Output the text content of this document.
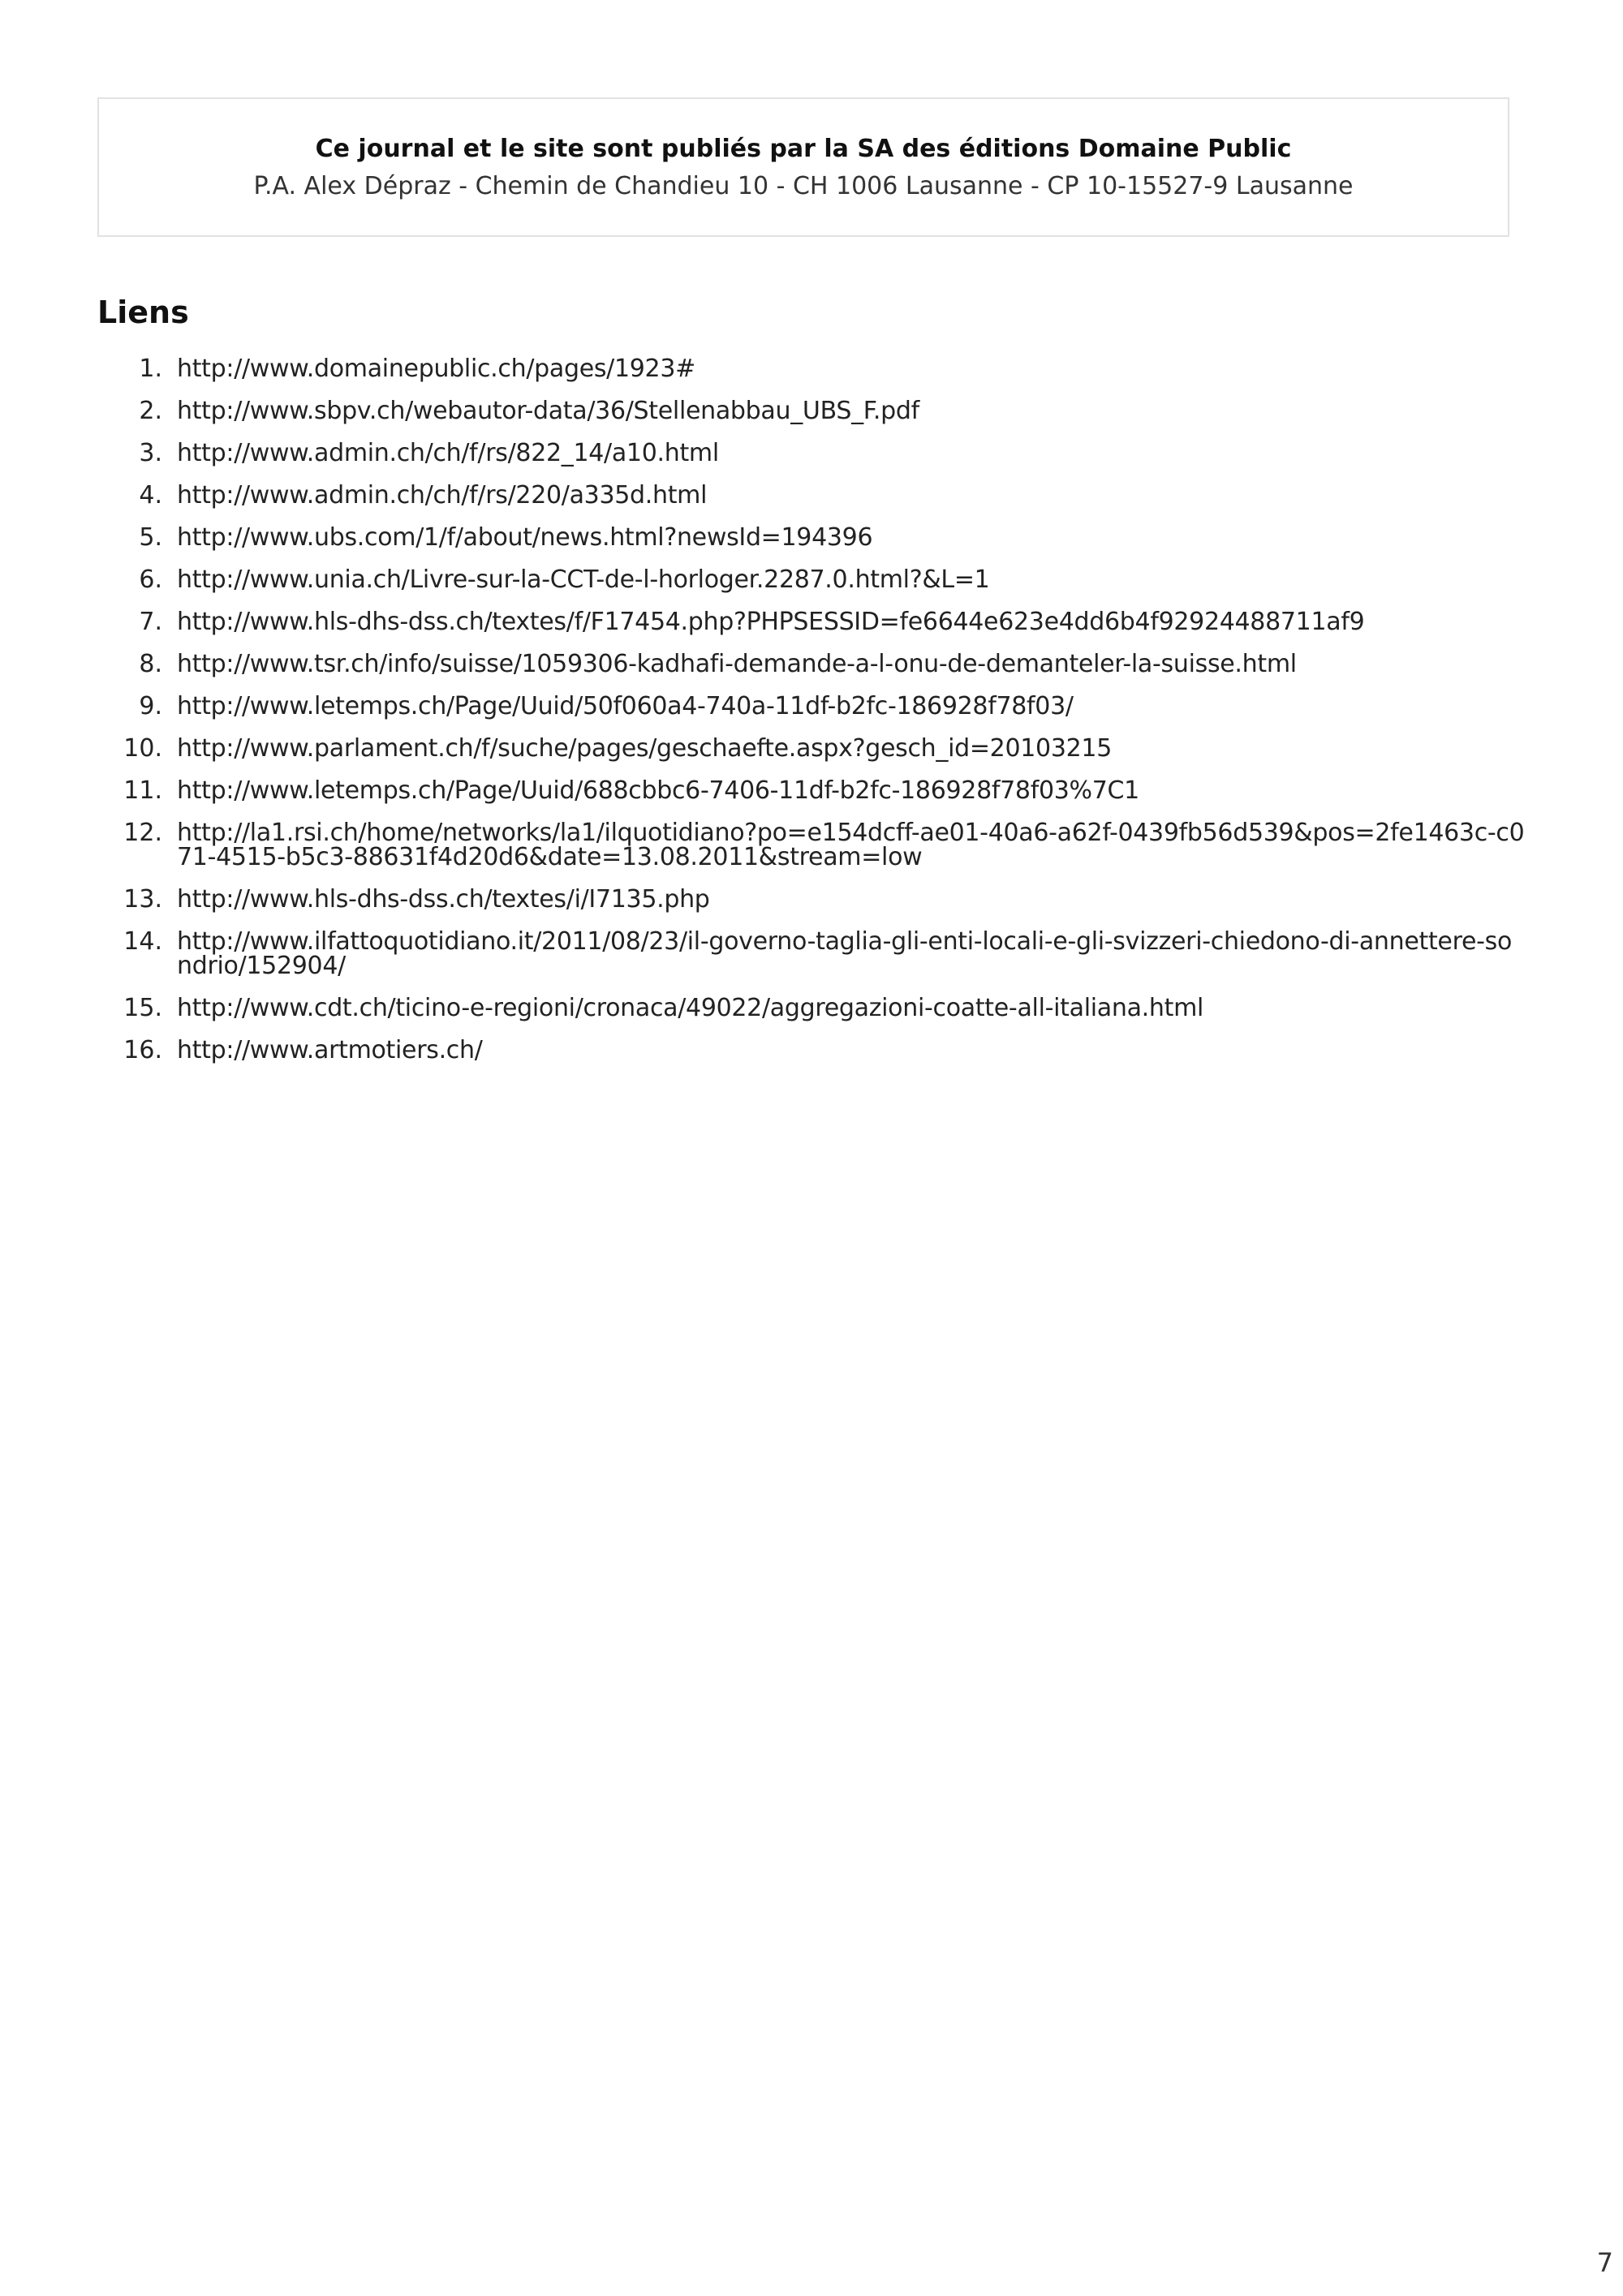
Ce journal et le site sont publiés par la SA des éditions Domaine Public
P.A. Alex Dépraz - Chemin de Chandieu 10 - CH 1006 Lausanne - CP 10-15527-9 Lausanne
Liens
1. http://www.domainepublic.ch/pages/1923#
2. http://www.sbpv.ch/webautor-data/36/Stellenabbau_UBS_F.pdf
3. http://www.admin.ch/ch/f/rs/822_14/a10.html
4. http://www.admin.ch/ch/f/rs/220/a335d.html
5. http://www.ubs.com/1/f/about/news.html?newsId=194396
6. http://www.unia.ch/Livre-sur-la-CCT-de-l-horloger.2287.0.html?&L=1
7. http://www.hls-dhs-dss.ch/textes/f/F17454.php?PHPSESSID=fe6644e623e4dd6b4f92924488711af9
8. http://www.tsr.ch/info/suisse/1059306-kadhafi-demande-a-l-onu-de-demanteler-la-suisse.html
9. http://www.letemps.ch/Page/Uuid/50f060a4-740a-11df-b2fc-186928f78f03/
10. http://www.parlament.ch/f/suche/pages/geschaefte.aspx?gesch_id=20103215
11. http://www.letemps.ch/Page/Uuid/688cbbc6-7406-11df-b2fc-186928f78f03%7C1
12. http://la1.rsi.ch/home/networks/la1/ilquotidiano?po=e154dcff-ae01-40a6-a62f-0439fb56d539&pos=2fe1463c-c071-4515-b5c3-88631f4d20d6&date=13.08.2011&stream=low
13. http://www.hls-dhs-dss.ch/textes/i/I7135.php
14. http://www.ilfattoquotidiano.it/2011/08/23/il-governo-taglia-gli-enti-locali-e-gli-svizzeri-chiedono-di-annettere-sondrio/152904/
15. http://www.cdt.ch/ticino-e-regioni/cronaca/49022/aggregazioni-coatte-all-italiana.html
16. http://www.artmotiers.ch/
7
